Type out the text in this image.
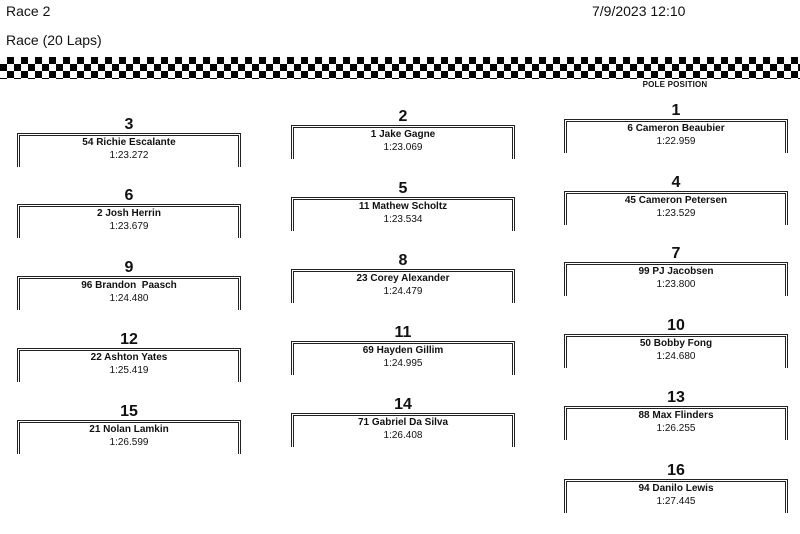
Race 2	7/9/2023 12:10
Race (20 Laps)
POLE POSITION
3
54 Richie Escalante
1:23.272
6
2 Josh Herrin
1:23.679
9
96 Brandon  Paasch
1:24.480
12
22 Ashton Yates
1:25.419
15
21 Nolan Lamkin
1:26.599
2
1 Jake Gagne
1:23.069
5
11 Mathew Scholtz
1:23.534
8
23 Corey Alexander
1:24.479
11
69 Hayden Gillim
1:24.995
14
71 Gabriel Da Silva
1:26.408
1
6 Cameron Beaubier
1:22.959
4
45 Cameron Petersen
1:23.529
7
99 PJ Jacobsen
1:23.800
10
50 Bobby Fong
1:24.680
13
88 Max Flinders
1:26.255
16
94 Danilo Lewis
1:27.445
